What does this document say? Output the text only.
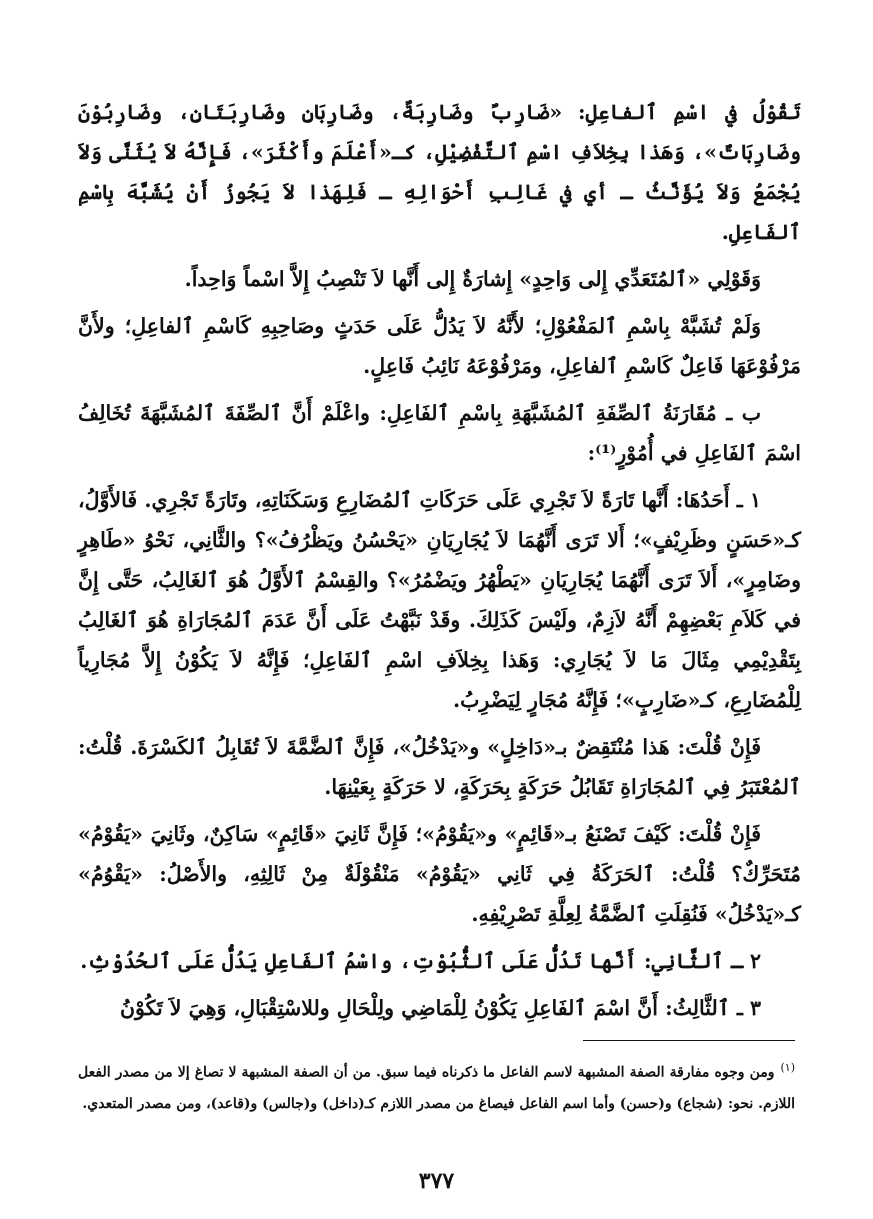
تَقُوْلُ في اسْمِ ٱلفاعِلِ: «ضَارِبٌ وضَارِبَةٌ، وضَارِبَانِ وضَارِبَتَانِ، وضَارِبُوْنَ وضَارِبَاتٌ»، وَهَذا بِخِلاَفِ اسْمِ ٱلتَّفْضِيْلِ، كـ«أَعْلَمَ وأَكْثَرَ»، فَإِنَّهُ لاَ يُثَنَّى وَلاَ يُجْمَعُ وَلاَ يُؤَنَّثُ ـ أي في غَالِبِ أَحْوَالِهِ ـ فَلِهَذا لاَ يَجُوزُ أَنْ يُشَبَّهَ بِاسْمِ ٱلفَاعِلِ.

وَقَوْلِي «ٱلمُتَعَدِّي إِلى وَاحِدٍ» إِشارَةٌ إِلى أَنَّها لاَ تَنْصِبُ إِلاَّ اسْماً وَاحِداً.

وَلَمْ تُشَبَّهْ بِاسْمِ ٱلمَفْعُوْلِ؛ لأَنَّهُ لاَ يَدُلُّ عَلَى حَدَثٍ وصَاحِبِهِ كَاسْمِ ٱلفاعِلِ؛ ولأَنَّ مَرْفُوْعَهَا فَاعِلٌ كَاسْمِ ٱلفاعِلِ، ومَرْفُوْعَهُ نَائِبُ فَاعِلٍ.

ب ـ مُقَارَنَةُ ٱلصِّفَةِ ٱلمُشَبَّهَةِ بِاسْمِ ٱلفَاعِلِ: واعْلَمْ أَنَّ ٱلصِّفَةَ ٱلمُشَبَّهَةَ تُخَالِفُ اسْمَ ٱلفَاعِلِ في أُمُوْرٍ⁽¹⁾:

١ ـ أَحَدُهَا: أَنَّها تَارَةً لاَ تَجْرِي عَلَى حَرَكَاتِ ٱلمُضَارِعِ وَسَكَنَاتِهِ، وتَارَةً تَجْرِي. فَالأَوَّلُ، كـ«حَسَنٍ وظَرِيْفٍ»؛ أَلا تَرَى أَنَّهُمَا لاَ يُجَارِيَانِ «يَحْسُنُ ويَظْرُفُ»؟ والثَّانِي، نَحْوُ «طَاهِرٍ وضَامِرٍ»، أَلاَ تَرَى أَنَّهُمَا يُجَارِيَانِ «يَطْهُرُ ويَضْمُرُ»؟ والقِسْمُ ٱلأَوَّلُ هُوَ ٱلغَالِبُ، حَتَّى إِنَّ في كَلاَمِ بَعْضِهِمْ أَنَّهُ لاَزِمٌ، ولَيْسَ كَذَلِكَ. وقَدْ نَبَّهْتُ عَلَى أَنَّ عَدَمَ ٱلمُجَارَاةِ هُوَ ٱلغَالِبُ بِتَقْدِيْمِي مِثَالَ مَا لاَ يُجَارِي: وَهَذا بِخِلاَفِ اسْمِ ٱلفَاعِلِ؛ فَإِنَّهُ لاَ يَكُوْنُ إِلاَّ مُجَارِياً لِلْمُضَارِعِ، كـ«ضَارِبٍ»؛ فَإِنَّهُ مُجَارٍ لِيَضْرِبُ.

فَإِنْ قُلْتَ: هَذا مُنْتَقِضٌ بـ«دَاخِلٍ» و«يَدْخُلُ»، فَإِنَّ ٱلضَّمَّةَ لاَ تُقَابِلُ ٱلكَسْرَةَ. قُلْتُ: ٱلمُعْتَبَرُ فِي ٱلمُجَارَاةِ تَقَابُلُ حَرَكَةٍ بِحَرَكَةٍ، لا حَرَكَةٍ بِعَيْنِهَا.

فَإِنْ قُلْتَ: كَيْفَ تَصْنَعُ بـ«قَائِمٍ» و«يَقُوْمُ»؛ فَإِنَّ ثَانِيَ «قَائِمٍ» سَاكِنٌ، وثَانِيَ «يَقُوْمُ» مُتَحَرِّكٌ؟ قُلْتُ: ٱلحَرَكَةُ فِي ثَانِي «يَقُوْمُ» مَنْقُوْلَةٌ مِنْ ثَالِثِهِ، والأَصْلُ: «يَقْوُمُ» كـ«يَدْخُلُ» فَنُقِلَتِ ٱلضَّمَّةُ لِعِلَّةِ تَصْرِيْفِهِ.

٢ ـ ٱلثَّانِي: أَنَّها تَدُلُّ عَلَى ٱلثُّبُوْتِ، واسْمُ ٱلفَاعِلِ يَدُلُّ عَلَى ٱلحُدُوْثِ.

٣ ـ ٱلثَّالِثُ: أَنَّ اسْمَ ٱلفَاعِلِ يَكُوْنُ لِلْمَاضِي ولِلْحَالِ وللاسْتِقْبَالِ، وَهِيَ لاَ تَكُوْنُ

$^{(١)}$ومن وجوه مفارقة الصفة المشبهة لاسم الفاعل ما ذكرناه فيما سبق. من أن الصفة المشبهة لا تصاغ إلا من مصدر الفعل اللازم. نحو: (شجاع) و(حسن) وأما اسم الفاعل فيصاغ من مصدر اللازم كـ(داخل) و(جالس) و(قاعد)، ومن مصدر المتعدي.
٣٧٧
